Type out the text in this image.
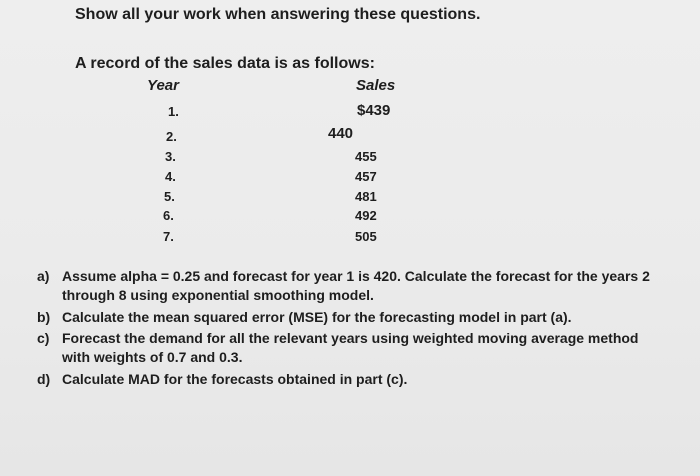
Show all your work when answering these questions.
A record of the sales data is as follows:
Year	Sales
1.
2.
3.
4.
5.
6.
7.
$439
440
455
457
481
492
505
a) Assume alpha = 0.25 and forecast for year 1 is 420. Calculate the forecast for the years 2 through 8 using exponential smoothing model.
b) Calculate the mean squared error (MSE) for the forecasting model in part (a).
c) Forecast the demand for all the relevant years using weighted moving average method with weights of 0.7 and 0.3.
d) Calculate MAD for the forecasts obtained in part (c).
